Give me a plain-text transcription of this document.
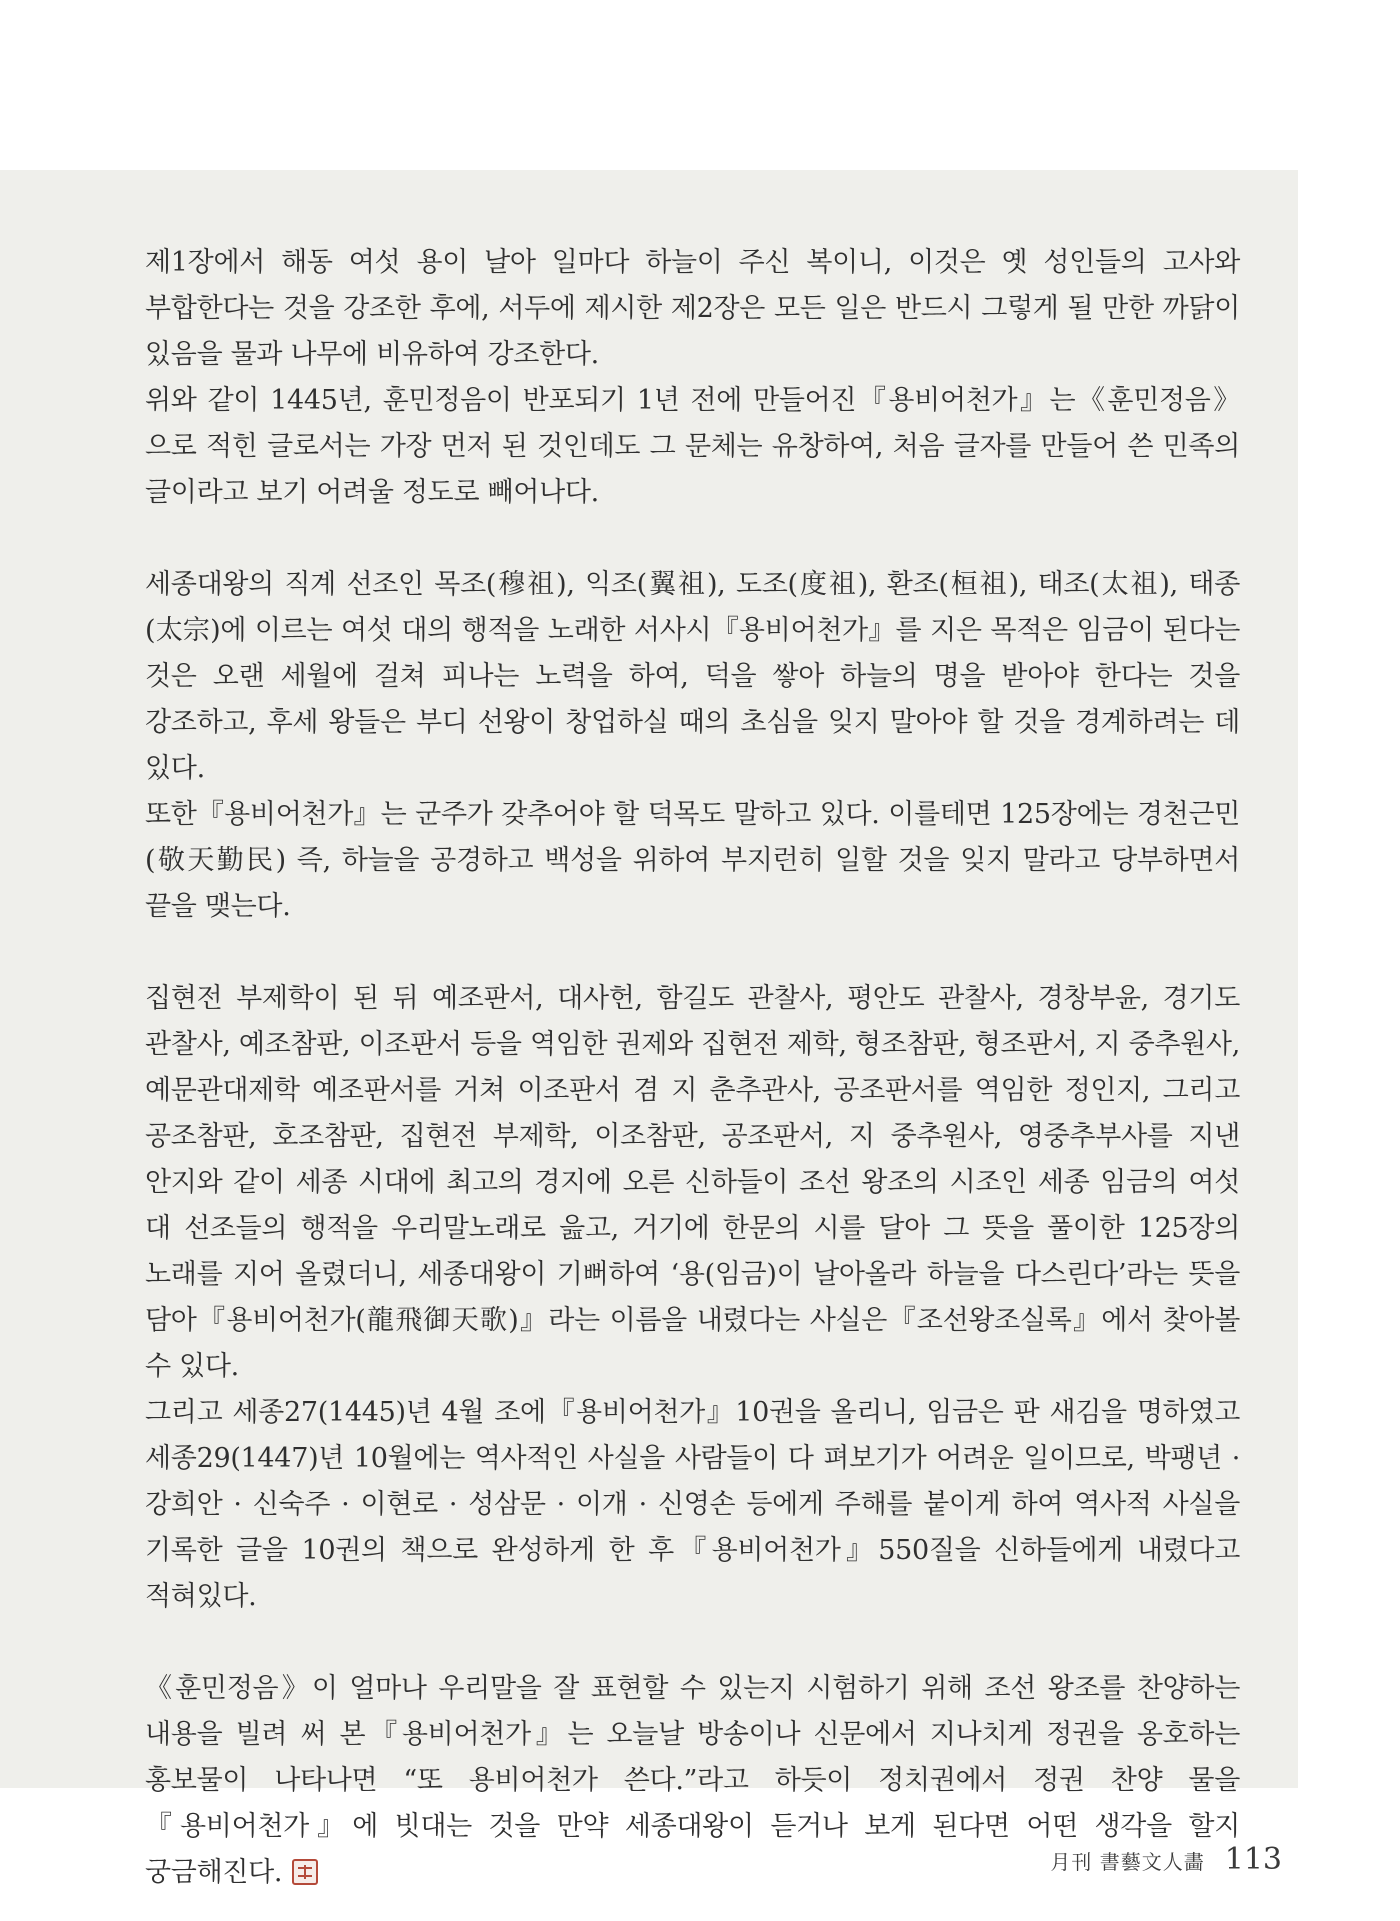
제1장에서 해동 여섯 용이 날아 일마다 하늘이 주신 복이니, 이것은 옛 성인들의 고사와 부합한다는 것을 강조한 후에, 서두에 제시한 제2장은 모든 일은 반드시 그렇게 될 만한 까닭이 있음을 물과 나무에 비유하여 강조한다.

위와 같이 1445년, 훈민정음이 반포되기 1년 전에 만들어진『용비어천가』는《훈민정음》으로 적힌 글로서는 가장 먼저 된 것인데도 그 문체는 유창하여, 처음 글자를 만들어 쓴 민족의 글이라고 보기 어려울 정도로 빼어나다.

세종대왕의 직계 선조인 목조(穆祖), 익조(翼祖), 도조(度祖), 환조(桓祖), 태조(太祖), 태종(太宗)에 이르는 여섯 대의 행적을 노래한 서사시『용비어천가』를 지은 목적은 임금이 된다는 것은 오랜 세월에 걸쳐 피나는 노력을 하여, 덕을 쌓아 하늘의 명을 받아야 한다는 것을 강조하고, 후세 왕들은 부디 선왕이 창업하실 때의 초심을 잊지 말아야 할 것을 경계하려는 데 있다.

또한『용비어천가』는 군주가 갖추어야 할 덕목도 말하고 있다. 이를테면 125장에는 경천근민(敬天勤民) 즉, 하늘을 공경하고 백성을 위하여 부지런히 일할 것을 잊지 말라고 당부하면서 끝을 맺는다.

집현전 부제학이 된 뒤 예조판서, 대사헌, 함길도 관찰사, 평안도 관찰사, 경창부윤, 경기도 관찰사, 예조참판, 이조판서 등을 역임한 권제와 집현전 제학, 형조참판, 형조판서, 지 중추원사, 예문관대제학 예조판서를 거쳐 이조판서 겸 지 춘추관사, 공조판서를 역임한 정인지, 그리고 공조참판, 호조참판, 집현전 부제학, 이조참판, 공조판서, 지 중추원사, 영중추부사를 지낸 안지와 같이 세종 시대에 최고의 경지에 오른 신하들이 조선 왕조의 시조인 세종 임금의 여섯 대 선조들의 행적을 우리말노래로 읊고, 거기에 한문의 시를 달아 그 뜻을 풀이한 125장의 노래를 지어 올렸더니, 세종대왕이 기뻐하여 ‘용(임금)이 날아올라 하늘을 다스린다’라는 뜻을 담아『용비어천가(龍飛御天歌)』라는 이름을 내렸다는 사실은『조선왕조실록』에서 찾아볼 수 있다.

그리고 세종27(1445)년 4월 조에『용비어천가』10권을 올리니, 임금은 판 새김을 명하였고 세종29(1447)년 10월에는 역사적인 사실을 사람들이 다 펴보기가 어려운 일이므로, 박팽년 · 강희안 · 신숙주 · 이현로 · 성삼문 · 이개 · 신영손 등에게 주해를 붙이게 하여 역사적 사실을 기록한 글을 10권의 책으로 완성하게 한 후『용비어천가』550질을 신하들에게 내렸다고 적혀있다.

《훈민정음》이 얼마나 우리말을 잘 표현할 수 있는지 시험하기 위해 조선 왕조를 찬양하는 내용을 빌려 써 본『용비어천가』는 오늘날 방송이나 신문에서 지나치게 정권을 옹호하는 홍보물이 나타나면 “또 용비어천가 쓴다.”라고 하듯이 정치권에서 정권 찬양 물을『용비어천가』에 빗대는 것을 만약 세종대왕이 듣거나 보게 된다면 어떤 생각을 할지 궁금해진다.	月刊 書藝文人畵 113
